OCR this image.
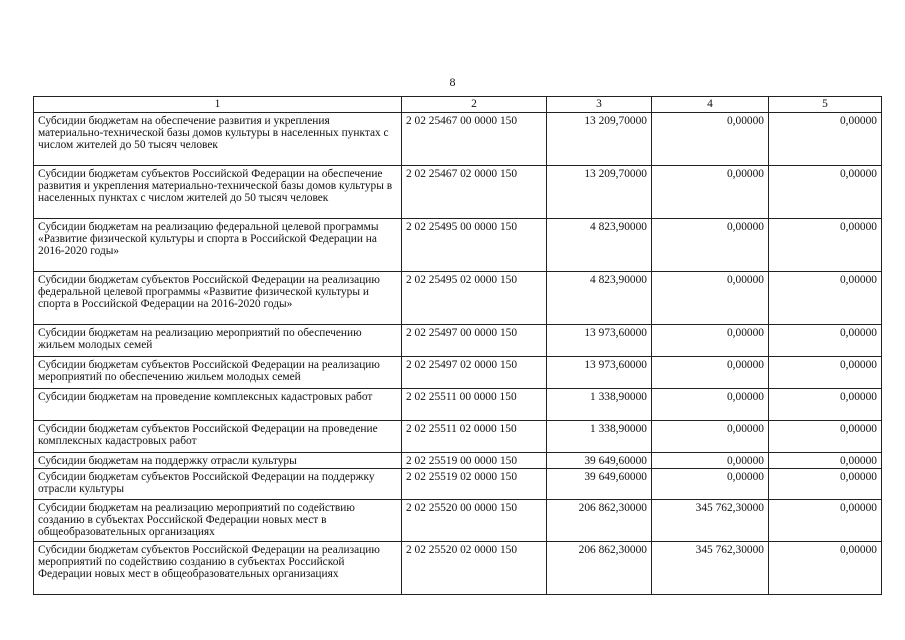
8
1	2	3	4	5
Субсидии бюджетам на обеспечение развития и укрепления материально-технической базы домов культуры в населенных пунктах с числом жителей до 50 тысяч человек	2 02 25467 00 0000 150	13 209,70000	0,00000	0,00000
Субсидии бюджетам субъектов Российской Федерации на обеспечение развития и укрепления материально-технической базы домов культуры в населенных пунктах с числом жителей до 50 тысяч человек	2 02 25467 02 0000 150	13 209,70000	0,00000	0,00000
Субсидии бюджетам на реализацию федеральной целевой программы «Развитие физической культуры и спорта в Российской Федерации на 2016-2020 годы»	2 02 25495 00 0000 150	4 823,90000	0,00000	0,00000
Субсидии бюджетам субъектов Российской Федерации на реализацию федеральной целевой программы «Развитие физической культуры и спорта в Российской Федерации на 2016-2020 годы»	2 02 25495 02 0000 150	4 823,90000	0,00000	0,00000
Субсидии бюджетам на реализацию мероприятий по обеспечению жильем молодых семей	2 02 25497 00 0000 150	13 973,60000	0,00000	0,00000
Субсидии бюджетам субъектов Российской Федерации на реализацию мероприятий по обеспечению жильем молодых семей	2 02 25497 02 0000 150	13 973,60000	0,00000	0,00000
Субсидии бюджетам на проведение комплексных кадастровых работ	2 02 25511 00 0000 150	1 338,90000	0,00000	0,00000
Субсидии бюджетам субъектов Российской Федерации на проведение комплексных кадастровых работ	2 02 25511 02 0000 150	1 338,90000	0,00000	0,00000
Субсидии бюджетам на поддержку отрасли культуры	2 02 25519 00 0000 150	39 649,60000	0,00000	0,00000
Субсидии бюджетам субъектов Российской Федерации на поддержку отрасли культуры	2 02 25519 02 0000 150	39 649,60000	0,00000	0,00000
Субсидии бюджетам на реализацию мероприятий по содействию созданию в субъектах Российской Федерации новых мест в общеобразовательных организациях	2 02 25520 00 0000 150	206 862,30000	345 762,30000	0,00000
Субсидии бюджетам субъектов Российской Федерации на реализацию мероприятий по содействию созданию в субъектах Российской Федерации новых мест в общеобразовательных организациях	2 02 25520 02 0000 150	206 862,30000	345 762,30000	0,00000
